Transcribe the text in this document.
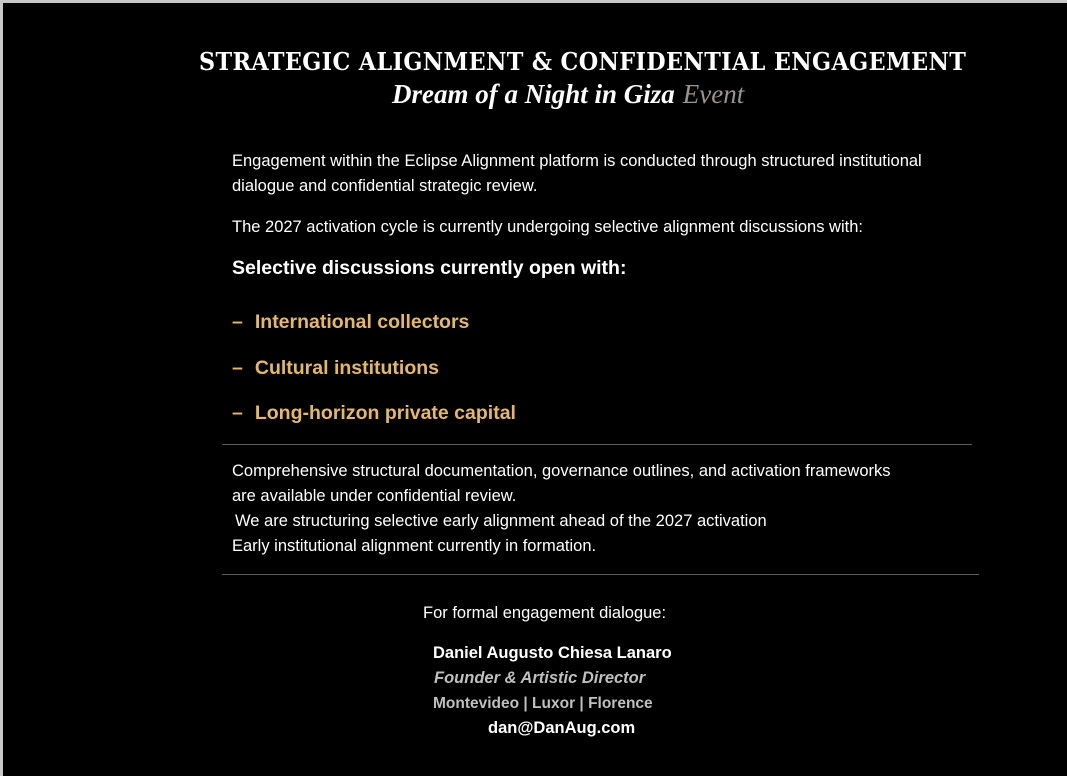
STRATEGIC ALIGNMENT & CONFIDENTIAL ENGAGEMENT
Dream of a Night in Giza Event
Engagement within the Eclipse Alignment platform is conducted through structured institutional
dialogue and confidential strategic review.
The 2027 activation cycle is currently undergoing selective alignment discussions with:
Selective discussions currently open with:
– International collectors
– Cultural institutions
– Long-horizon private capital
Comprehensive structural documentation, governance outlines, and activation frameworks
are available under confidential review.
We are structuring selective early alignment ahead of the 2027 activation
Early institutional alignment currently in formation.
For formal engagement dialogue:
Daniel Augusto Chiesa Lanaro
Founder & Artistic Director
Montevideo | Luxor | Florence
dan@DanAug.com
